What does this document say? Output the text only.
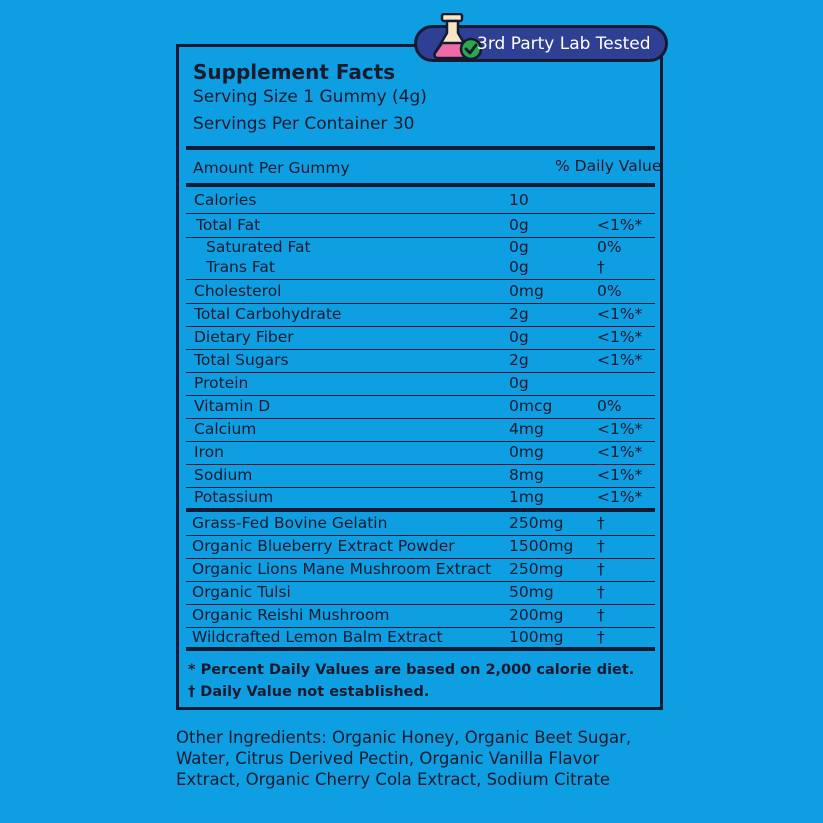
3rd Party Lab Tested
Supplement Facts
Serving Size 1 Gummy (4g)
Servings Per Container 30
Amount Per Gummy	% Daily Value
Calories	10
Total Fat	0g	<1%*
Saturated Fat	0g	0%
Trans Fat	0g	†
Cholesterol	0mg	0%
Total Carbohydrate	2g	<1%*
Dietary Fiber	0g	<1%*
Total Sugars	2g	<1%*
Protein	0g
Vitamin D	0mcg	0%
Calcium	4mg	<1%*
Iron	0mg	<1%*
Sodium	8mg	<1%*
Potassium	1mg	<1%*
Grass-Fed Bovine Gelatin	250mg †
Organic Blueberry Extract Powder	1500mg †
Organic Lions Mane Mushroom Extract 250mg †
Organic Tulsi	50mg	†
Organic Reishi Mushroom	200mg †
Wildcrafted Lemon Balm Extract	100mg †
* Percent Daily Values are based on 2,000 calorie diet.
† Daily Value not established.
Other Ingredients: Organic Honey, Organic Beet Sugar, Water, Citrus Derived Pectin, Organic Vanilla Flavor Extract, Organic Cherry Cola Extract, Sodium Citrate
